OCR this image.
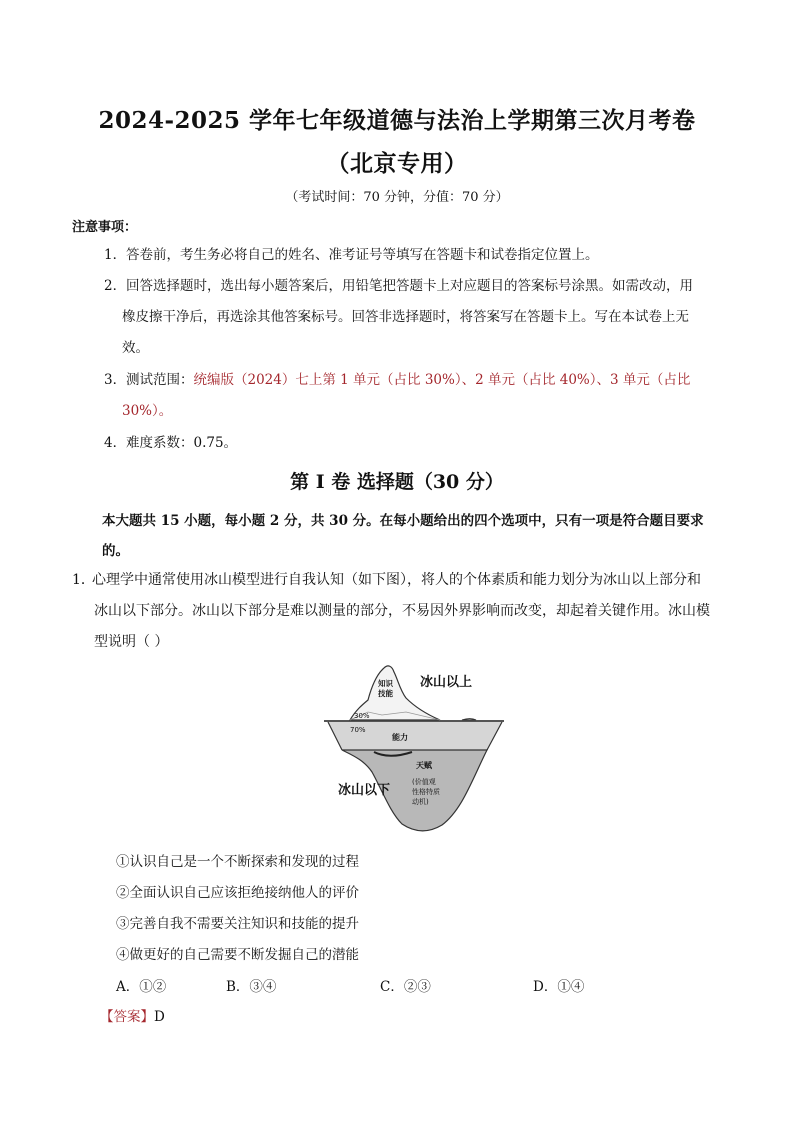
2024-2025 学年七年级道德与法治上学期第三次月考卷
（北京专用）
（考试时间：70 分钟，分值：70 分）
注意事项：
1．答卷前，考生务必将自己的姓名、准考证号等填写在答题卡和试卷指定位置上。
2．回答选择题时，选出每小题答案后，用铅笔把答题卡上对应题目的答案标号涂黑。如需改动，用
橡皮擦干净后，再选涂其他答案标号。回答非选择题时，将答案写在答题卡上。写在本试卷上无
效。
3．测试范围：统编版（2024）七上第 1 单元（占比 30%）、2 单元（占比 40%）、3 单元（占比
30%）。
4．难度系数：0.75。
第 I 卷 选择题（30 分）
本大题共 15 小题，每小题 2 分，共 30 分。在每小题给出的四个选项中，只有一项是符合题目要求
的。
1．心理学中通常使用冰山模型进行自我认知（如下图），将人的个体素质和能力划分为冰山以上部分和
冰山以下部分。冰山以下部分是难以测量的部分，不易因外界影响而改变，却起着关键作用。冰山模
型说明（ ）
冰山以上
知识
技能
30%
70%
能力
天赋
(价值观
性格特质
动机)
冰山以下
①认识自己是一个不断探索和发现的过程
②全面认识自己应该拒绝接纳他人的评价
③完善自我不需要关注知识和技能的提升
④做更好的自己需要不断发掘自己的潜能
A．①②	B．③④	C．②③	D．①④
【答案】D
